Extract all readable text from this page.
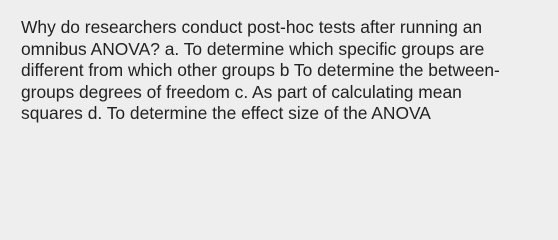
Why do researchers conduct post-hoc tests after running an
omnibus ANOVA? a. To determine which specific groups are
different from which other groups b To determine the between-
groups degrees of freedom c. As part of calculating mean
squares d. To determine the effect size of the ANOVA
